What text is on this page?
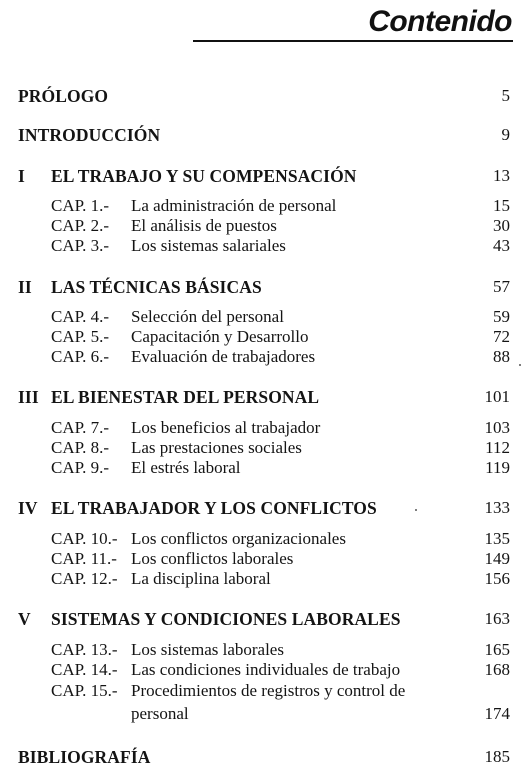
Contenido
PRÓLOGO	5
INTRODUCCIÓN	9
I EL TRABAJO Y SU COMPENSACIÓN	13
CAP. 1.- La administración de personal	15
CAP. 2.- El análisis de puestos	30
CAP. 3.- Los sistemas salariales	43
II LAS TÉCNICAS BÁSICAS	57
CAP. 4.- Selección del personal	59
CAP. 5.- Capacitación y Desarrollo	72
CAP. 6.- Evaluación de trabajadores	88
III EL BIENESTAR DEL PERSONAL	101
CAP. 7.- Los beneficios al trabajador	103
CAP. 8.- Las prestaciones sociales	112
CAP. 9.- El estrés laboral	119
IV EL TRABAJADOR Y LOS CONFLICTOS	133
CAP. 10.- Los conflictos organizacionales	135
CAP. 11.- Los conflictos laborales	149
CAP. 12.- La disciplina laboral	156
V SISTEMAS Y CONDICIONES LABORALES	163
CAP. 13.- Los sistemas laborales	165
CAP. 14.- Las condiciones individuales de trabajo	168
CAP. 15.- Procedimientos de registros y control de
personal	174
BIBLIOGRAFÍA	185
